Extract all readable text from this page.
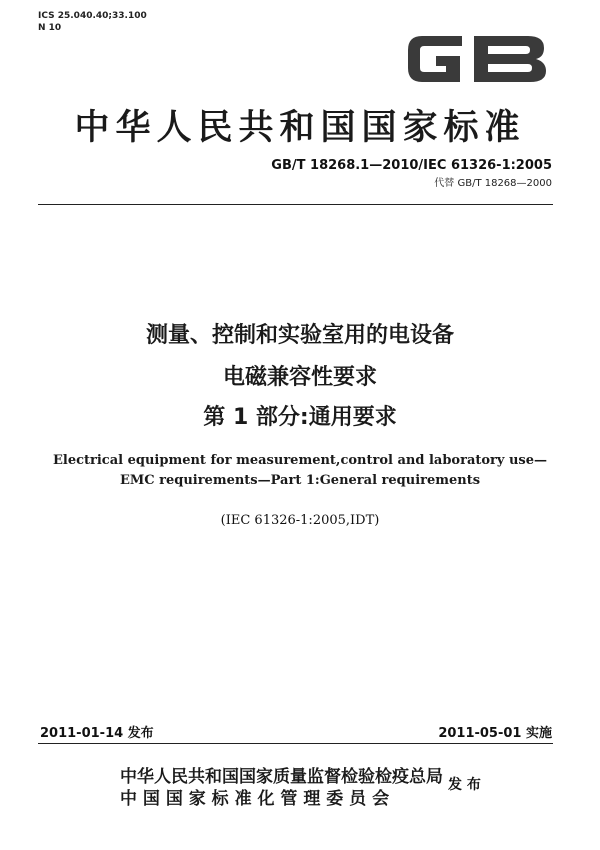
ICS 25.040.40;33.100
N 10
中华人民共和国国家标准
GB/T 18268.1—2010/IEC 61326-1:2005
代替 GB/T 18268—2000
测量、控制和实验室用的电设备
电磁兼容性要求
第 1 部分:通用要求
Electrical equipment for measurement,control and laboratory use—
EMC requirements—Part 1:General requirements
(IEC 61326-1:2005,IDT)
2011-01-14 发布	2011-05-01 实施
中华人民共和国国家质量监督检验检疫总局
中 国 国 家 标 准 化 管 理 委 员 会
发 布
